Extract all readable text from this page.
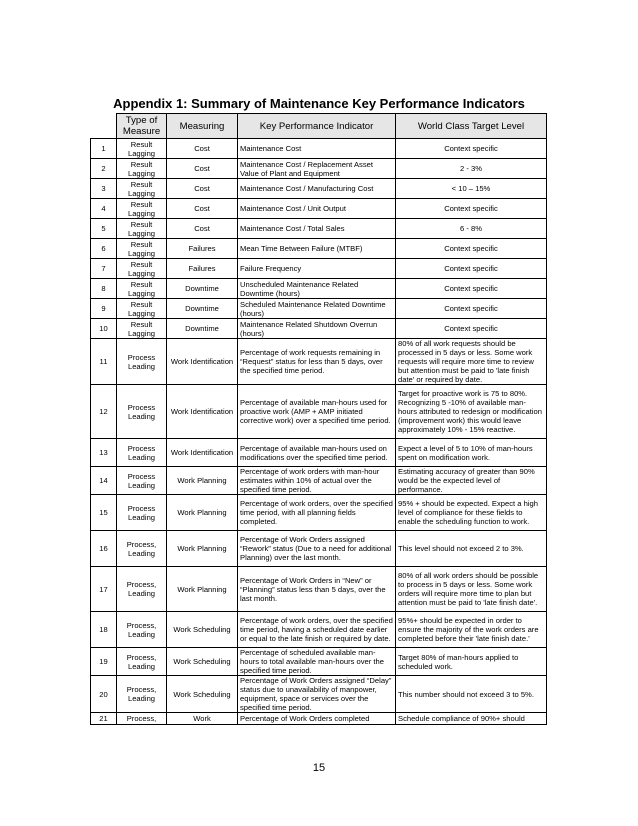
Appendix 1: Summary of Maintenance Key Performance Indicators
	Type of Measure	Measuring	Key Performance Indicator	World Class Target Level
1	Result Lagging	Cost	Maintenance Cost	Context specific
2	Result Lagging	Cost	Maintenance Cost / Replacement Asset Value of Plant and Equipment	2 - 3%
3	Result Lagging	Cost	Maintenance Cost / Manufacturing Cost	< 10 – 15%
4	Result Lagging	Cost	Maintenance Cost / Unit Output	Context specific
5	Result Lagging	Cost	Maintenance Cost / Total Sales	6 - 8%
6	Result Lagging	Failures	Mean Time Between Failure (MTBF)	Context specific
7	Result Lagging	Failures	Failure Frequency	Context specific
8	Result Lagging	Downtime	Unscheduled Maintenance Related Downtime (hours)	Context specific
9	Result Lagging	Downtime	Scheduled Maintenance Related Downtime (hours)	Context specific
10	Result Lagging	Downtime	Maintenance Related Shutdown Overrun (hours)	Context specific
11	Process Leading	Work Identification	Percentage of work requests remaining in “Request” status for less than 5 days, over the specified time period.	80% of all work requests should be processed in 5 days or less. Some work requests will require more time to review but attention must be paid to 'late finish date' or required by date.
12	Process Leading	Work Identification	Percentage of available man-hours used for proactive work (AMP + AMP initiated corrective work) over a specified time period.	Target for proactive work is 75 to 80%. Recognizing 5 -10% of available man-hours attributed to redesign or modification (improvement work) this would leave approximately 10% - 15% reactive.
13	Process Leading	Work Identification	Percentage of available man-hours used on modifications over the specified time period.	Expect a level of 5 to 10% of man-hours spent on modification work.
14	Process Leading	Work Planning	Percentage of work orders with man-hour estimates within 10% of actual over the specified time period.	Estimating accuracy of greater than 90% would be the expected level of performance.
15	Process Leading	Work Planning	Percentage of work orders, over the specified time period, with all planning fields completed.	95% + should be expected. Expect a high level of compliance for these fields to enable the scheduling function to work.
16	Process, Leading	Work Planning	Percentage of Work Orders assigned “Rework” status (Due to a need for additional Planning) over the last month.	This level should not exceed 2 to 3%.
17	Process, Leading	Work Planning	Percentage of Work Orders in “New” or “Planning” status less than 5 days, over the last month.	80% of all work orders should be possible to process in 5 days or less. Some work orders will require more time to plan but attention must be paid to 'late finish date'.
18	Process, Leading	Work Scheduling	Percentage of work orders, over the specified time period, having a scheduled date earlier or equal to the late finish or required by date.	95%+ should be expected in order to ensure the majority of the work orders are completed before their 'late finish date.'
19	Process, Leading	Work Scheduling	Percentage of scheduled available man-hours to total available man-hours over the specified time period.	Target 80% of man-hours applied to scheduled work.
20	Process, Leading	Work Scheduling	Percentage of Work Orders assigned “Delay” status due to unavailability of manpower, equipment, space or services over the specified time period.	This number should not exceed 3 to 5%.
21	Process,	Work	Percentage of Work Orders completed	Schedule compliance of 90%+ should
15
